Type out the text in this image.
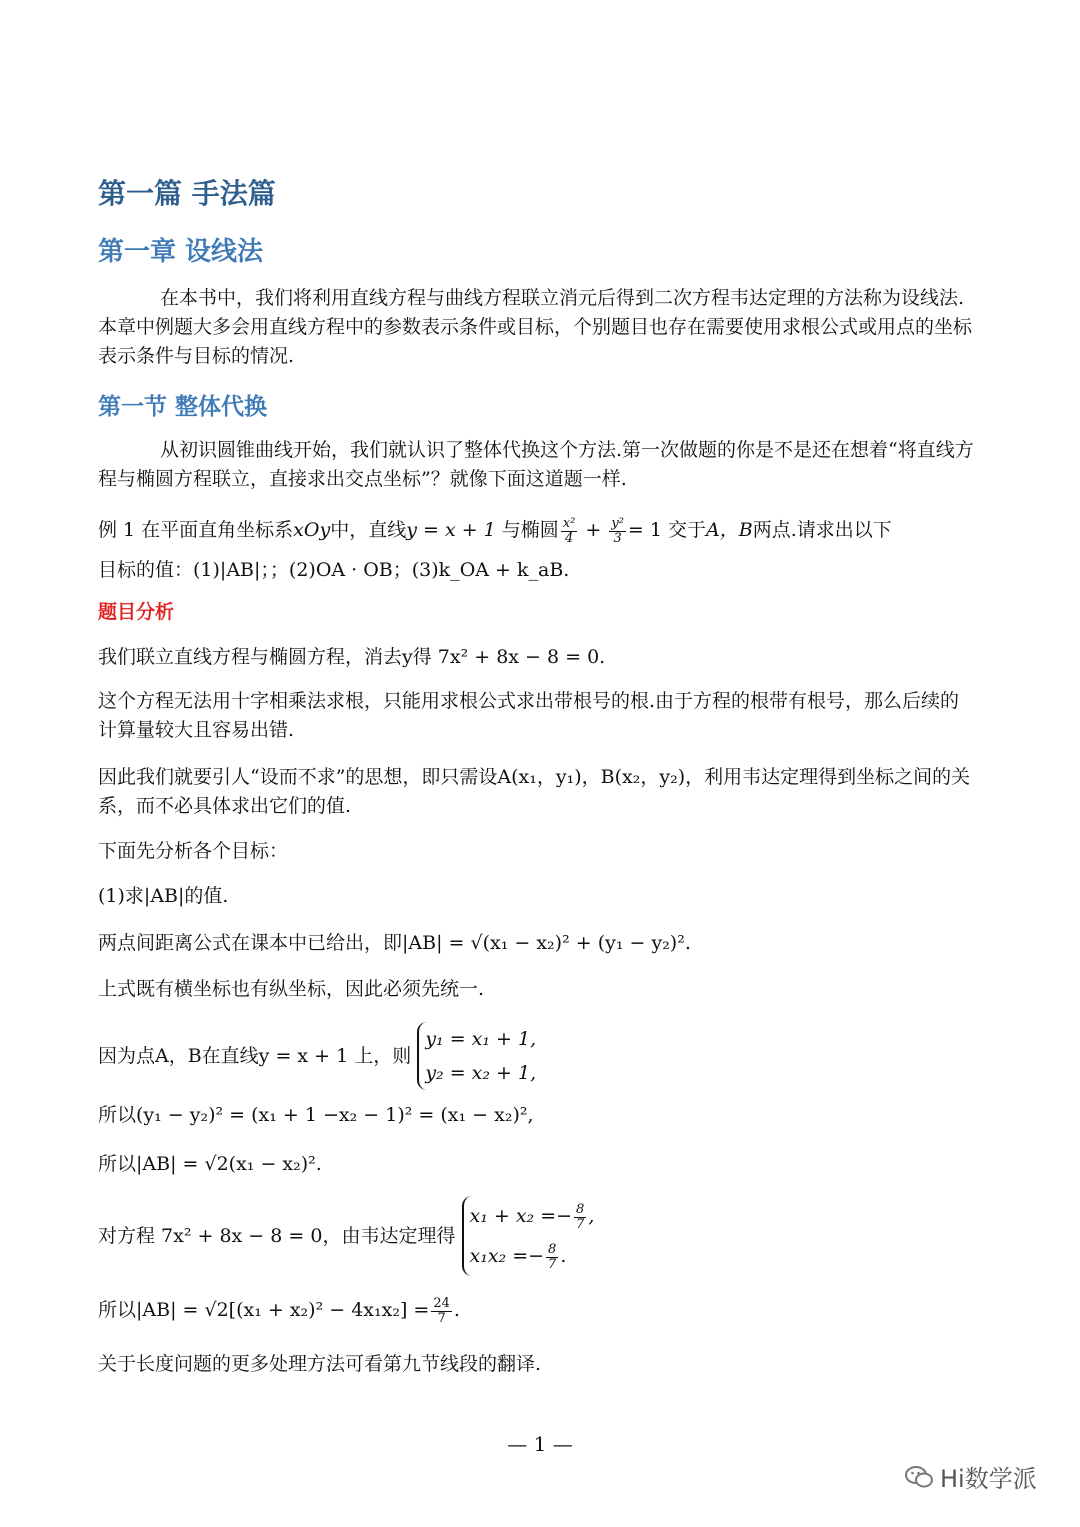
第一篇 手法篇
第一章 设线法
在本书中，我们将利用直线方程与曲线方程联立消元后得到二次方程韦达定理的方法称为设线法.本章中例题大多会用直线方程中的参数表示条件或目标，个别题目也存在需要使用求根公式或用点的坐标表示条件与目标的情况.
第一节 整体代换
从初识圆锥曲线开始，我们就认识了整体代换这个方法.第一次做题的你是不是还在想着“将直线方程与椭圆方程联立，直接求出交点坐标”？就像下面这道题一样.
例 1 在平面直角坐标系xOy中，直线y = x + 1 与椭圆 $\frac{\text{x²}}{4} + \frac{\text{y²}}{3} = 1$ 交于A，B两点.请求出以下
目标的值：(1)|AB|；；(2)OA · OB；(3)k_OA + k_aB.
题目分析
我们联立直线方程与椭圆方程，消去y得 7x² + 8x − 8 = 0.
这个方程无法用十字相乘法求根，只能用求根公式求出带根号的根.由于方程的根带有根号，那么后续的计算量较大且容易出错.
因此我们就要引人“设而不求”的思想，即只需设A(x₁，y₁)，B(x₂，y₂)，利用韦达定理得到坐标之间的关系，而不必具体求出它们的值.
下面先分析各个目标：
(1)求|AB|的值.
两点间距离公式在课本中已给出，即|AB| = √(x₁ − x₂)² + (y₁ − y₂)².
上式既有横坐标也有纵坐标，因此必须先统一.
因为点A，B在直线y = x + 1 上，则
y₁ = x₁ + 1,
y₂ = x₂ + 1,
所以(y₁ − y₂)² = (x₁ + 1 −x₂ − 1)² = (x₁ − x₂)²,
所以|AB| = √2(x₁ − x₂)².
对方程 7x² + 8x − 8 = 0，由韦达定理得
$x_1 + x_2 =- \frac{8}{7}$ ,
$x_1x_2 =- \frac{8}{7}$ .
所以$|AB| = √2[(x_1 + x_2)^2 - 4x_1x_2] = \frac{24}{7}$ .
关于长度问题的更多处理方法可看第九节线段的翻译.
— 1 —
Hi数学派
